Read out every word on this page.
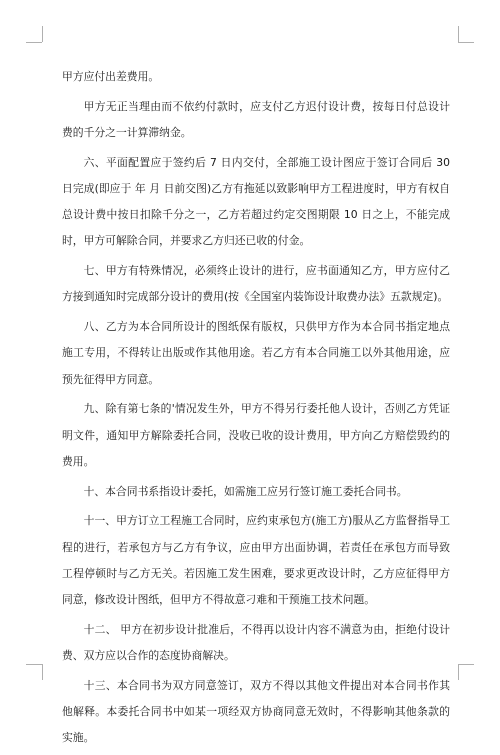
甲方应付出差费用。

甲方无正当理由而不依约付款时，应支付乙方迟付设计费，按每日付总设计费的千分之一计算滞纳金。

六、平面配置应于签约后 7 日内交付，全部施工设计图应于签订合同后 30 日完成(即应于 年 月 日前交图)乙方有拖延以致影响甲方工程进度时，甲方有权自总设计费中按日扣除千分之一，乙方若超过约定交图期限 10 日之上，不能完成时，甲方可解除合同，并要求乙方归还已收的付金。

七、甲方有特殊情况，必须终止设计的进行，应书面通知乙方，甲方应付乙方接到通知时完成部分设计的费用(按《全国室内装饰设计取费办法》五款规定)。

八、乙方为本合同所设计的图纸保有版权，只供甲方作为本合同书指定地点施工专用，不得转让出版或作其他用途。若乙方有本合同施工以外其他用途，应预先征得甲方同意。

九、除有第七条的'情况发生外，甲方不得另行委托他人设计，否则乙方凭证明文件，通知甲方解除委托合同，没收已收的设计费用，甲方向乙方赔偿毁约的费用。

十、本合同书系指设计委托，如需施工应另行签订施工委托合同书。

十一、甲方订立工程施工合同时，应约束承包方(施工方)服从乙方监督指导工程的进行，若承包方与乙方有争议，应由甲方出面协调，若责任在承包方而导致工程停顿时与乙方无关。若因施工发生困难，要求更改设计时，乙方应征得甲方同意，修改设计图纸，但甲方不得故意刁难和干预施工技术问题。

十二、 甲方在初步设计批准后，不得再以设计内容不满意为由，拒绝付设计费、双方应以合作的态度协商解决。

十三、本合同书为双方同意签订，双方不得以其他文件提出对本合同书作其他解释。本委托合同书中如某一项经双方协商同意无效时，不得影响其他条款的实施。
